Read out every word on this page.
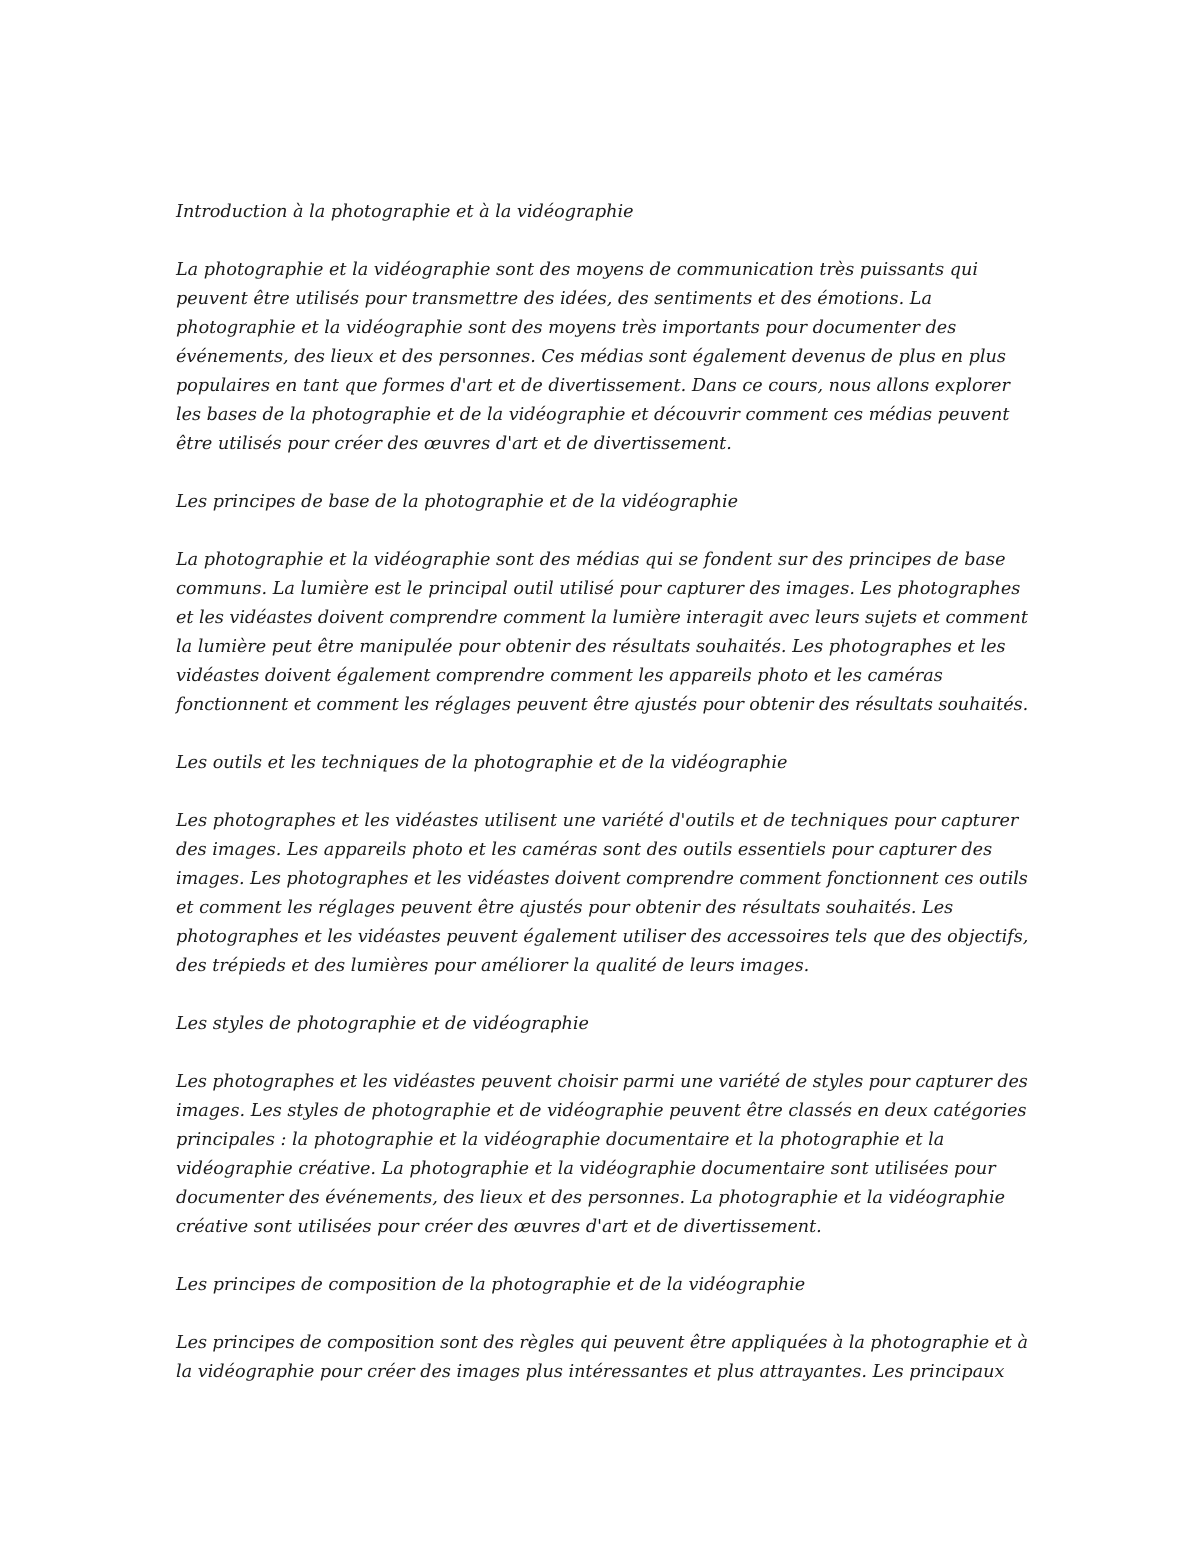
Introduction à la photographie et à la vidéographie

La photographie et la vidéographie sont des moyens de communication très puissants qui
peuvent être utilisés pour transmettre des idées, des sentiments et des émotions. La
photographie et la vidéographie sont des moyens très importants pour documenter des
événements, des lieux et des personnes. Ces médias sont également devenus de plus en plus
populaires en tant que formes d'art et de divertissement. Dans ce cours, nous allons explorer
les bases de la photographie et de la vidéographie et découvrir comment ces médias peuvent
être utilisés pour créer des œuvres d'art et de divertissement.

Les principes de base de la photographie et de la vidéographie

La photographie et la vidéographie sont des médias qui se fondent sur des principes de base
communs. La lumière est le principal outil utilisé pour capturer des images. Les photographes
et les vidéastes doivent comprendre comment la lumière interagit avec leurs sujets et comment
la lumière peut être manipulée pour obtenir des résultats souhaités. Les photographes et les
vidéastes doivent également comprendre comment les appareils photo et les caméras
fonctionnent et comment les réglages peuvent être ajustés pour obtenir des résultats souhaités.

Les outils et les techniques de la photographie et de la vidéographie

Les photographes et les vidéastes utilisent une variété d'outils et de techniques pour capturer
des images. Les appareils photo et les caméras sont des outils essentiels pour capturer des
images. Les photographes et les vidéastes doivent comprendre comment fonctionnent ces outils
et comment les réglages peuvent être ajustés pour obtenir des résultats souhaités. Les
photographes et les vidéastes peuvent également utiliser des accessoires tels que des objectifs,
des trépieds et des lumières pour améliorer la qualité de leurs images.

Les styles de photographie et de vidéographie

Les photographes et les vidéastes peuvent choisir parmi une variété de styles pour capturer des
images. Les styles de photographie et de vidéographie peuvent être classés en deux catégories
principales : la photographie et la vidéographie documentaire et la photographie et la
vidéographie créative. La photographie et la vidéographie documentaire sont utilisées pour
documenter des événements, des lieux et des personnes. La photographie et la vidéographie
créative sont utilisées pour créer des œuvres d'art et de divertissement.

Les principes de composition de la photographie et de la vidéographie

Les principes de composition sont des règles qui peuvent être appliquées à la photographie et à
la vidéographie pour créer des images plus intéressantes et plus attrayantes. Les principaux
